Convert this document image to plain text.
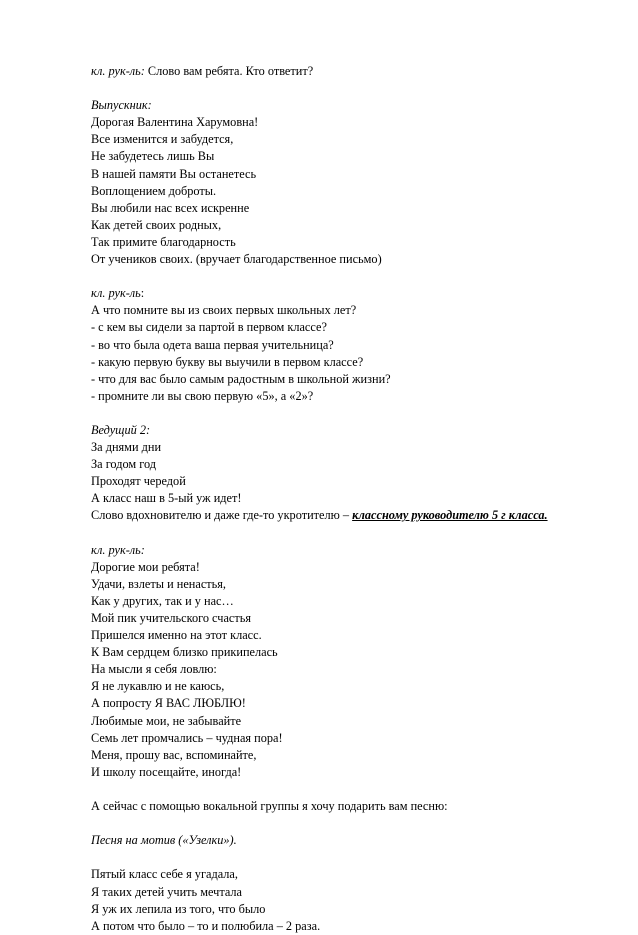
кл. рук-ль: Слово вам ребята. Кто ответит?
Выпускник:
Дорогая Валентина Харумовна!
Все изменится и забудется,
Не забудетесь лишь Вы
В нашей памяти Вы останетесь
Воплощением доброты.
Вы любили нас всех искренне
Как детей своих родных,
Так примите благодарность
От учеников своих. (вручает благодарственное письмо)
кл. рук-ль:
А что помните вы из своих первых школьных лет?
- с кем вы сидели за партой в первом классе?
- во что была одета ваша первая учительница?
- какую первую букву вы выучили в первом классе?
- что для вас было самым радостным в школьной жизни?
- промните ли вы свою первую «5», а «2»?
Ведущий 2:
За днями дни
За годом год
Проходят чередой
А класс наш в 5-ый уж идет!
Слово вдохновителю и даже где-то укротителю – классному руководителю 5 г класса.
кл. рук-ль:
Дорогие мои ребята!
Удачи, взлеты и ненастья,
Как у других, так и у нас…
Мой пик учительского счастья
Пришелся именно на этот класс.
К Вам сердцем близко прикипелась
На мысли я себя ловлю:
Я не лукавлю и не каюсь,
А попросту Я ВАС ЛЮБЛЮ!
Любимые мои, не забывайте
Семь лет промчались – чудная пора!
Меня, прошу вас, вспоминайте,
И школу посещайте, иногда!
А сейчас с помощью вокальной группы я хочу подарить вам песню:
Песня на мотив («Узелки»).
Пятый класс себе я угадала,
Я таких детей учить мечтала
Я уж их лепила из того, что было
А потом что было – то и полюбила – 2 раза.
